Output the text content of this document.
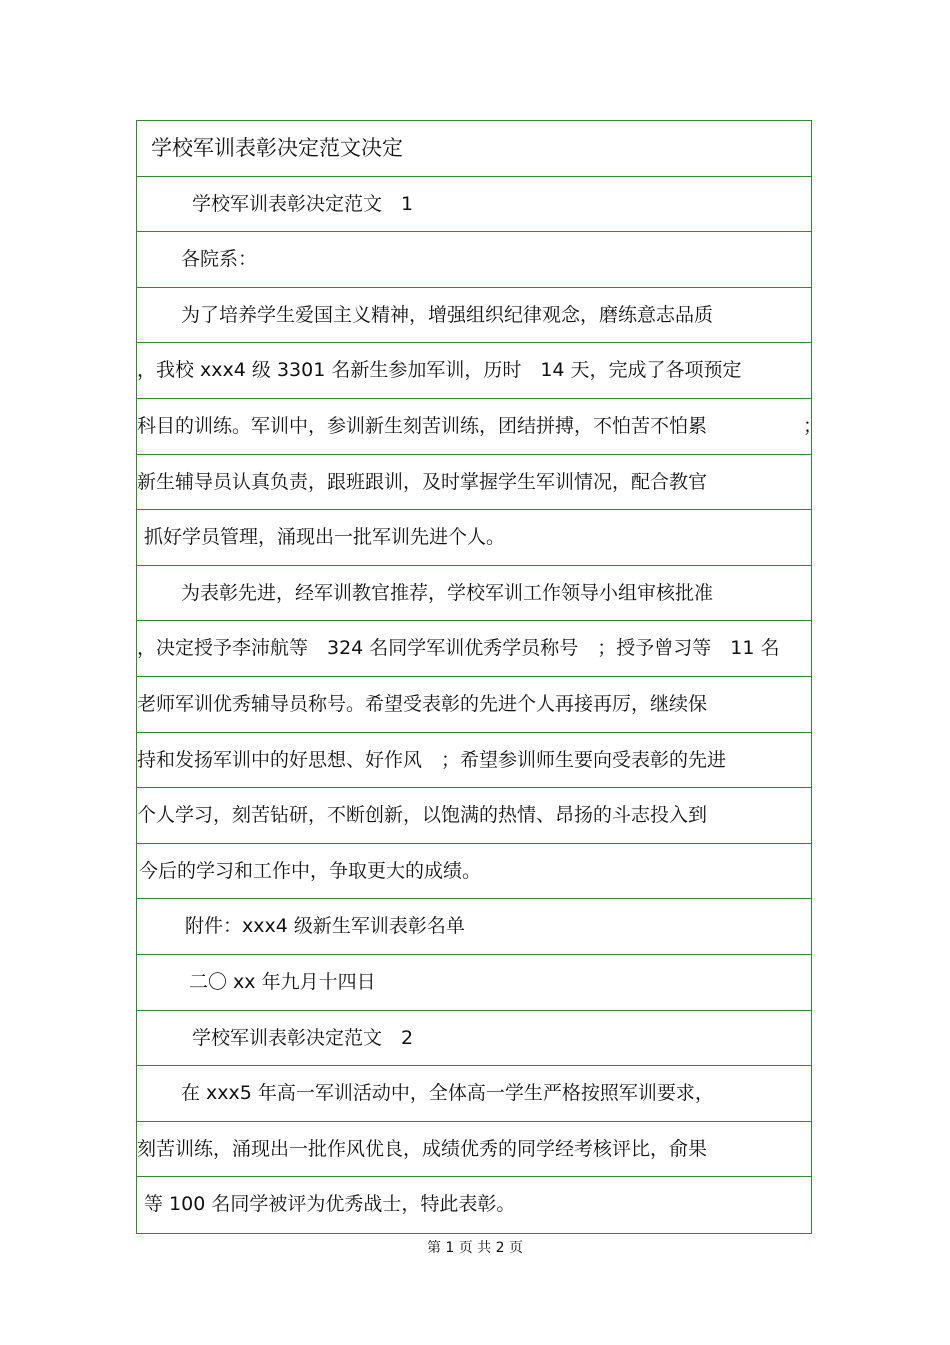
学校军训表彰决定范文决定
学校军训表彰决定范文　1
各院系：
为了培养学生爱国主义精神，增强组织纪律观念，磨练意志品质
，我校 xxx4 级 3301 名新生参加军训，历时　14 天，完成了各项预定
科目的训练。军训中，参训新生刻苦训练，团结拼搏，不怕苦不怕累	；
新生辅导员认真负责，跟班跟训，及时掌握学生军训情况，配合教官
抓好学员管理，涌现出一批军训先进个人。
为表彰先进，经军训教官推荐，学校军训工作领导小组审核批准
，决定授予李沛航等　324 名同学军训优秀学员称号　；授予曾习等　11 名
老师军训优秀辅导员称号。希望受表彰的先进个人再接再厉，继续保
持和发扬军训中的好思想、好作风　；希望参训师生要向受表彰的先进
个人学习，刻苦钻研，不断创新，以饱满的热情、昂扬的斗志投入到
今后的学习和工作中，争取更大的成绩。
附件：xxx4 级新生军训表彰名单
二〇 xx 年九月十四日
学校军训表彰决定范文　2
在 xxx5 年高一军训活动中，全体高一学生严格按照军训要求，
刻苦训练，涌现出一批作风优良，成绩优秀的同学经考核评比，俞果
等 100 名同学被评为优秀战士，特此表彰。
第 1 页 共 2 页
